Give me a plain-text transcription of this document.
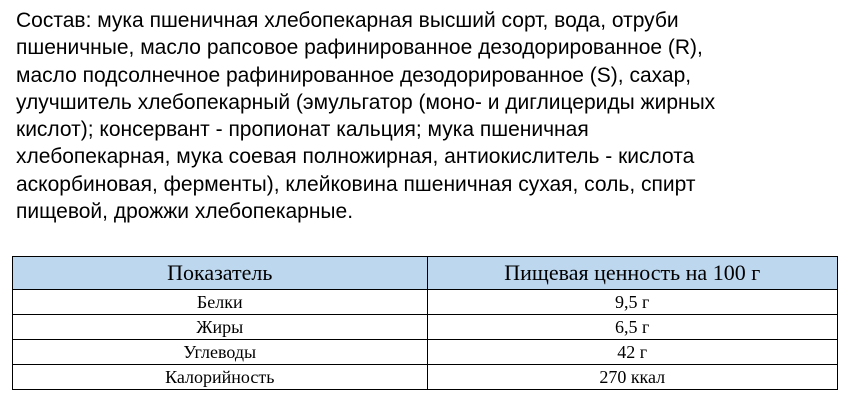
Состав: мука пшеничная хлебопекарная высший сорт, вода, отруби
пшеничные, масло рапсовое рафинированное дезодорированное (R),
масло подсолнечное рафинированное дезодорированное (S), сахар,
улучшитель хлебопекарный (эмульгатор (моно- и диглицериды жирных
кислот); консервант - пропионат кальция; мука пшеничная
хлебопекарная, мука соевая полножирная, антиокислитель - кислота
аскорбиновая, ферменты), клейковина пшеничная сухая, соль, спирт
пищевой, дрожжи хлебопекарные.
Показатель	Пищевая ценность на 100 г
Белки	9,5 г
Жиры	6,5 г
Углеводы	42 г
Калорийность	270 ккал
